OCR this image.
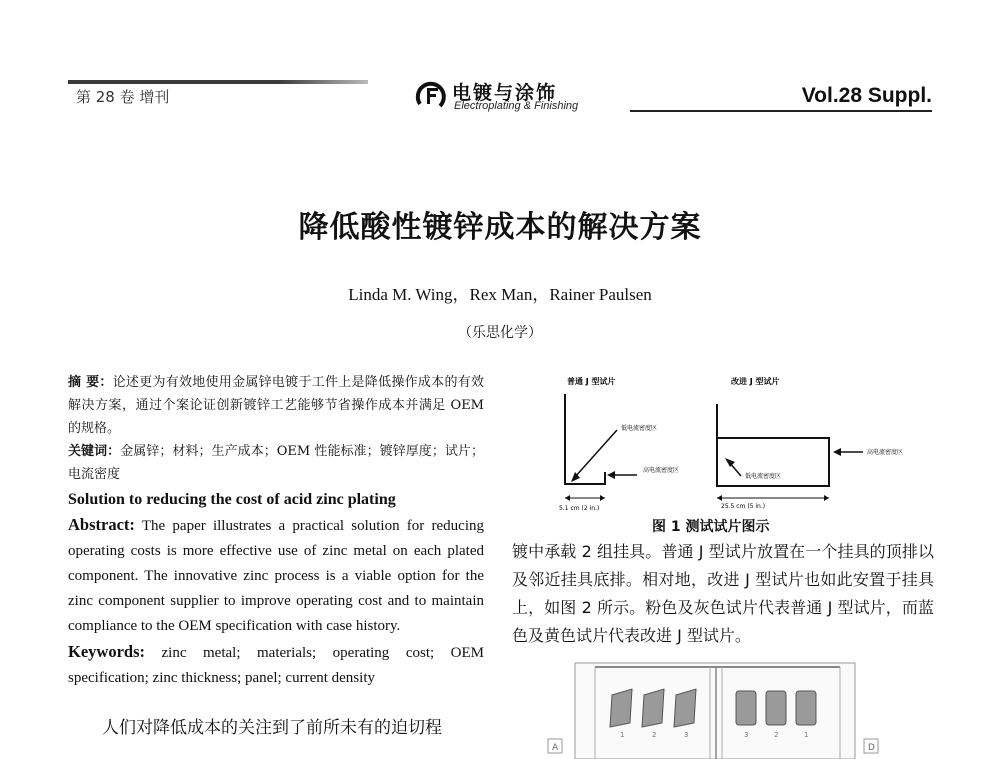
第 28 卷 增刊	电镀与涂饰
Electroplating & Finishing	Vol.28 Suppl.
降低酸性镀锌成本的解决方案
Linda M. Wing，Rex Man，Rainer Paulsen
（乐思化学）

摘 要：论述更为有效地使用金属锌电镀于工件上是降低操作成本的有效解决方案，通过个案论证创新镀锌工艺能够节省操作成本并满足 OEM 的规格。

关键词：金属锌；材料；生产成本；OEM 性能标准；镀锌厚度；试片；电流密度

Solution to reducing the cost of acid zinc plating

Abstract: The paper illustrates a practical solution for reducing operating costs is more effective use of zinc metal on each plated component. The innovative zinc process is a viable option for the zinc component supplier to improve operating cost and to maintain compliance to the OEM specification with case history.

Keywords: zinc metal; materials; operating cost; OEM specification; zinc thickness; panel; current density

人们对降低成本的关注到了前所未有的迫切程

普通 J 型试片	改进 J 型试片
低电流密度区
高电流密度区
5.1 cm (2 in.)
低电流密度区
高电流密度区
25.5 cm (5 in.)
图 1 测试试片图示

镀中承载 2 组挂具。普通 J 型试片放置在一个挂具的顶排以及邻近挂具底排。相对地，改进 J 型试片也如此安置于挂具上，如图 2 所示。粉色及灰色试片代表普通 J 型试片，而蓝色及黄色试片代表改进 J 型试片。

1	2	3	3	2	1
A	D
